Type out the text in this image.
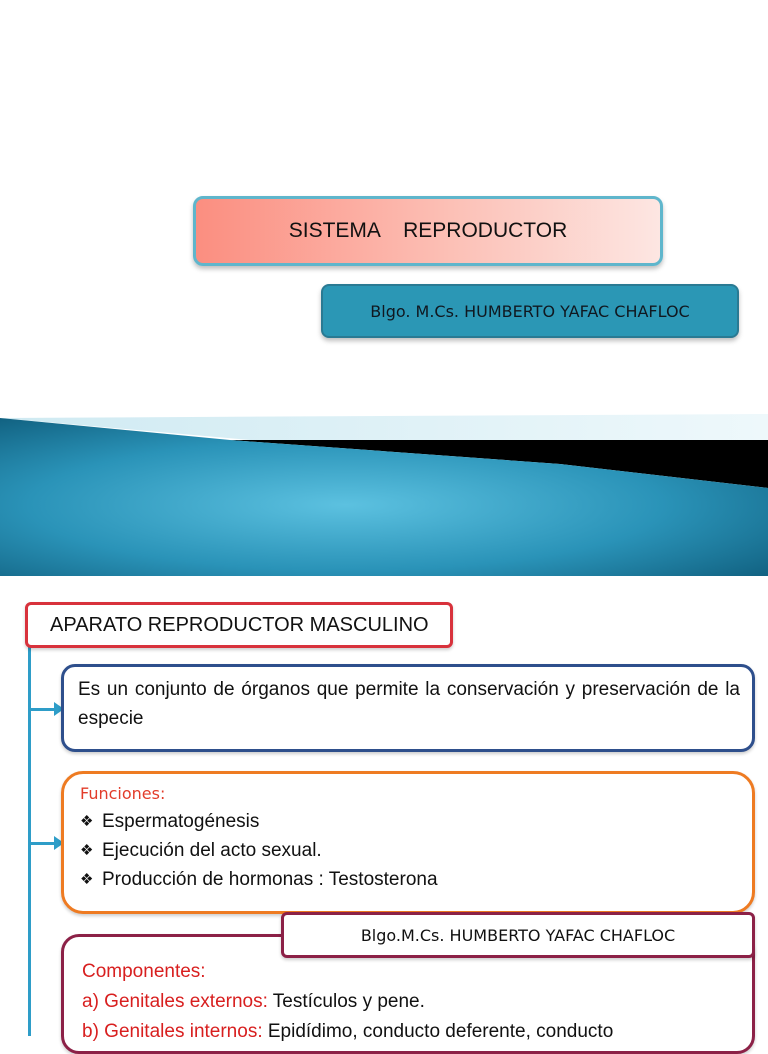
SISTEMA    REPRODUCTOR
Blgo. M.Cs. HUMBERTO YAFAC CHAFLOC
APARATO REPRODUCTOR MASCULINO
Es un conjunto de órganos que permite la conservación y preservación de la especie
Funciones:
❖ Espermatogénesis
❖ Ejecución del acto sexual.
❖ Producción de hormonas : Testosterona
Componentes:
a) Genitales externos: Testículos y pene.
b) Genitales internos: Epidídimo, conducto deferente, conducto
Blgo.M.Cs. HUMBERTO YAFAC CHAFLOC
